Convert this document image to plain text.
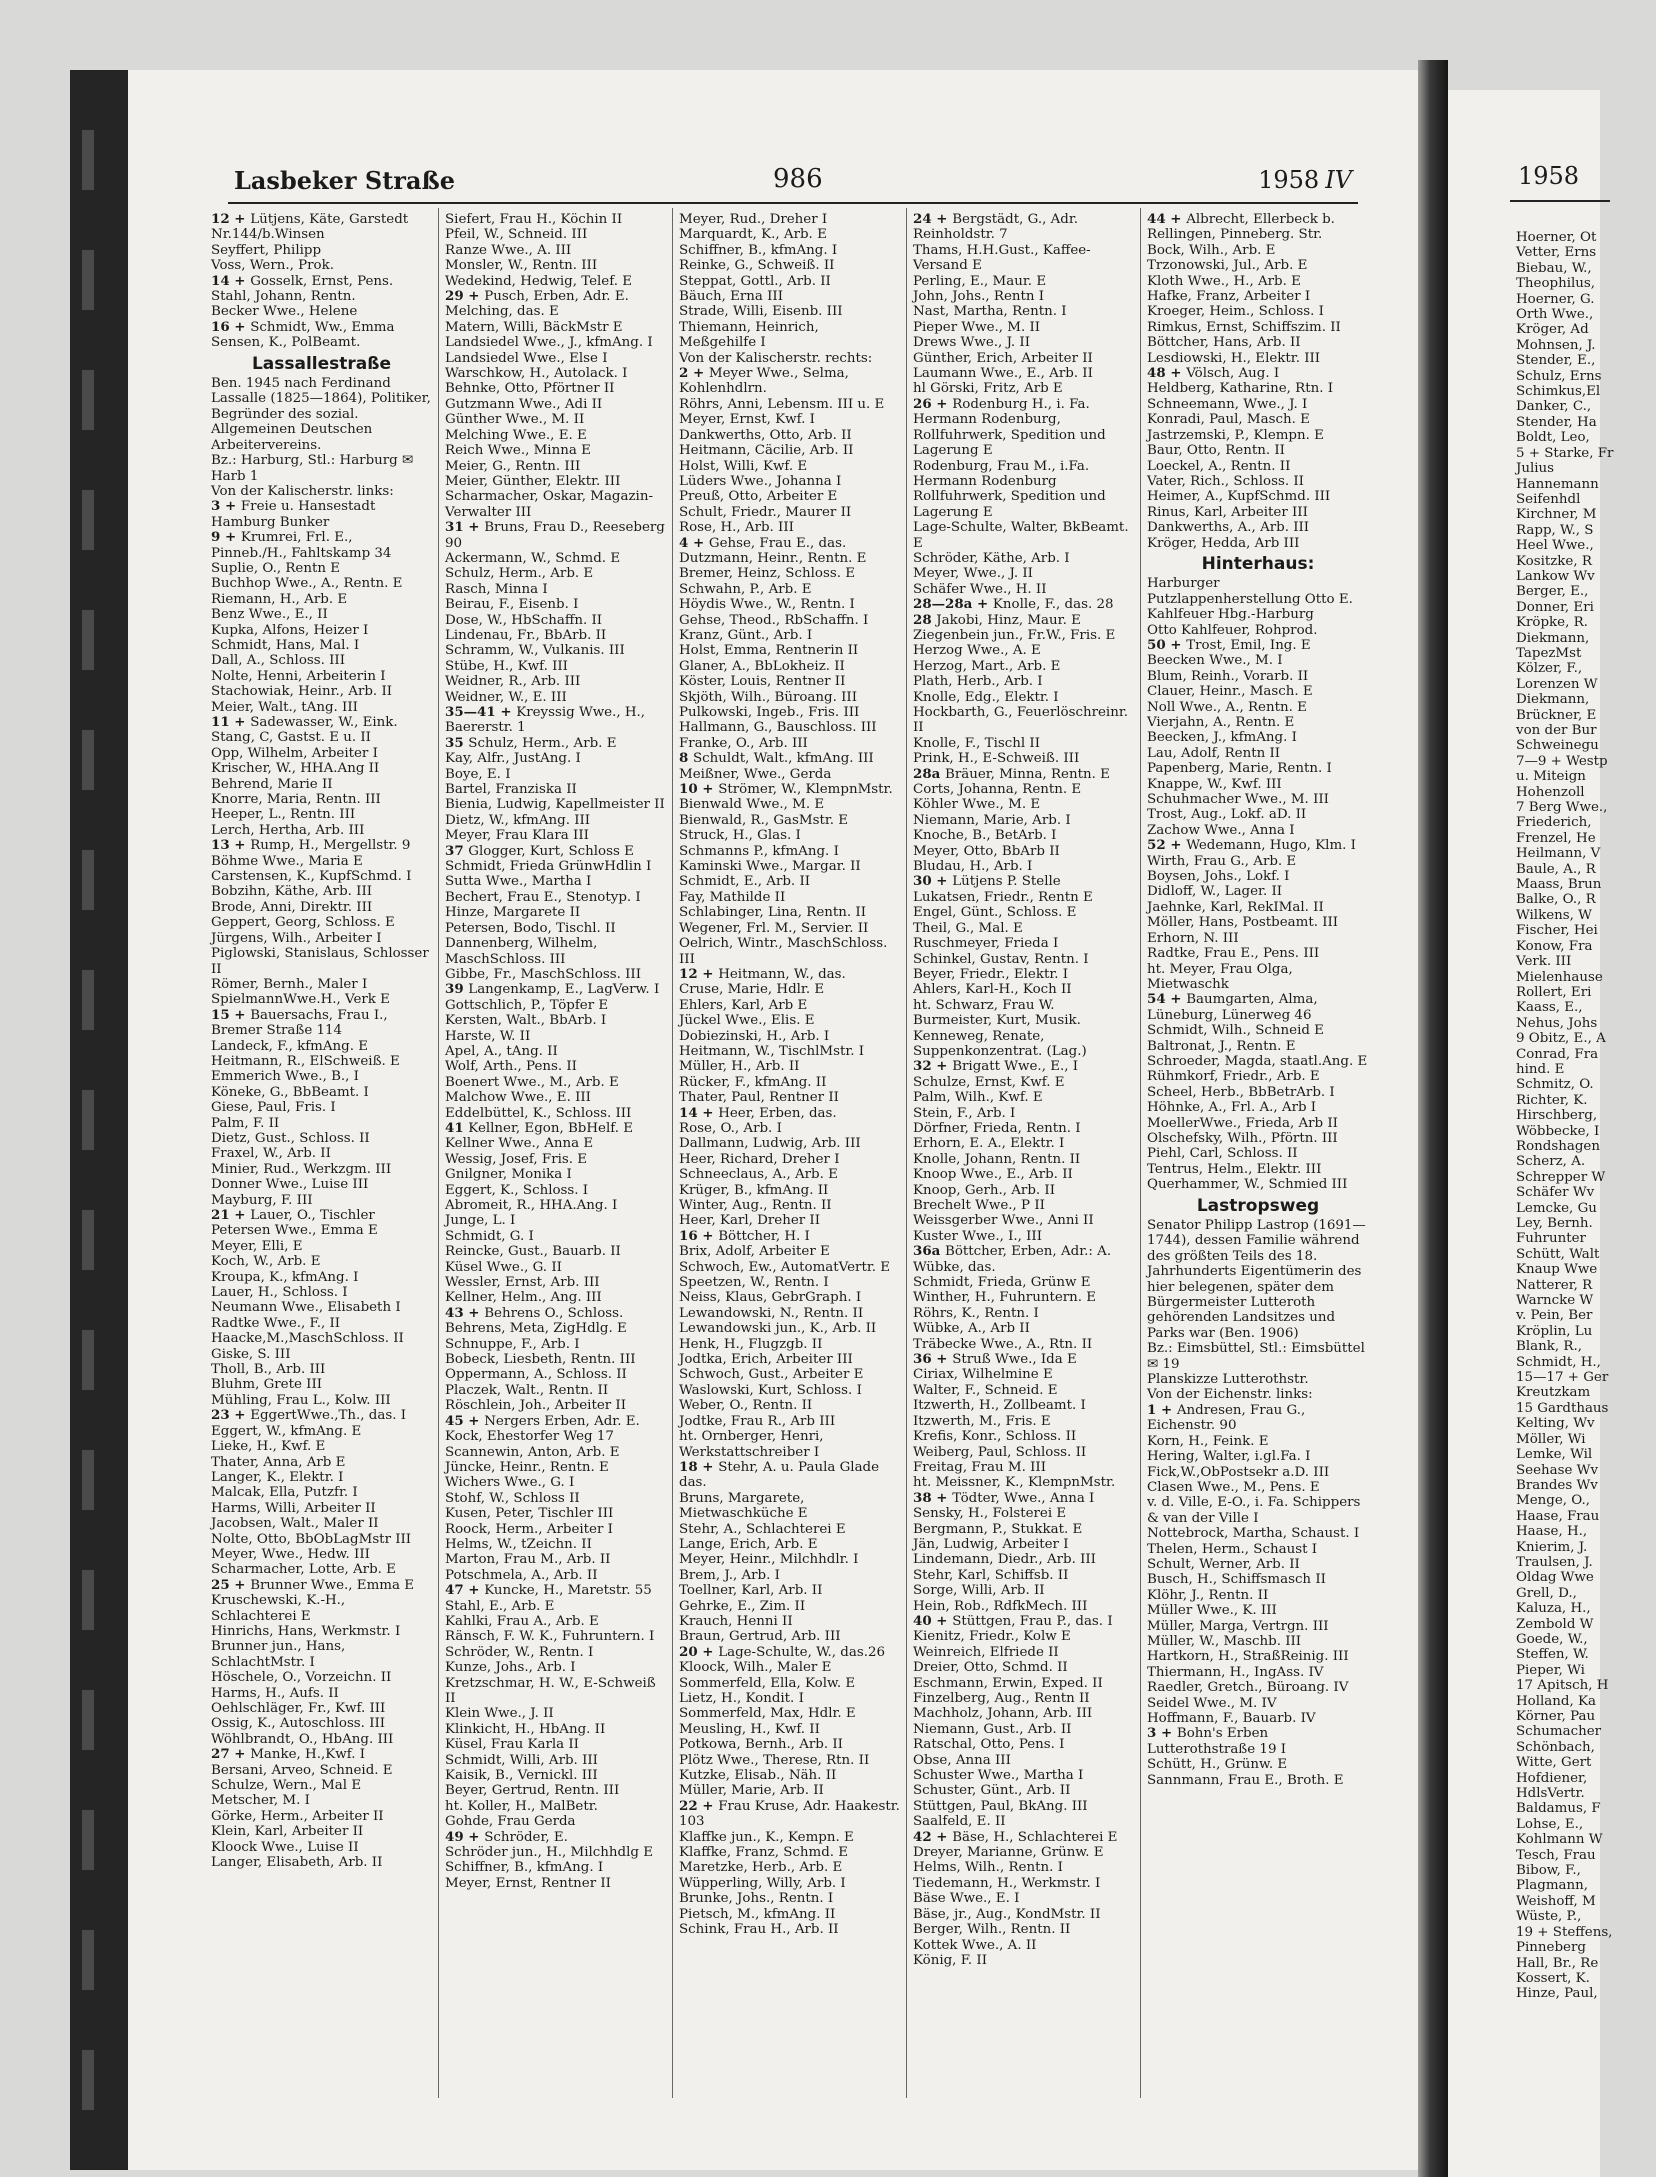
1958
Hoerner, Ot
Vetter, Erns
Biebau, W.,
Theophilus,
Hoerner, G.
Orth Wwe.,
Kröger, Ad
Mohnsen, J.
Stender, E.,
Schulz, Erns
Schimkus,El
Danker, C.,
Stender, Ha
Boldt, Leo,
5 + Starke, Fr
Julius
Hannemann
Seifenhdl
Kirchner, M
Rapp, W., S
Heel Wwe.,
Kositzke, R
Lankow Wv
Berger, E.,
Donner, Eri
Kröpke, R.
Diekmann,
TapezMst
Kölzer, F.,
Lorenzen W
Diekmann,
Brückner, E
von der Bur
Schweinegu
7—9 + Westp
u. Miteign
Hohenzoll
7 Berg Wwe.,
Friederich,
Frenzel, He
Heilmann, V
Baule, A., R
Maass, Brun
Balke, O., R
Wilkens, W
Fischer, Hei
Konow, Fra
Verk. III
Mielenhause
Rollert, Eri
Kaass, E.,
Nehus, Johs
9 Obitz, E., A
Conrad, Fra
hind. E
Schmitz, O.
Richter, K.
Hirschberg,
Wöbbecke, I
Rondshagen
Scherz, A.
Schrepper W
Schäfer Wv
Lemcke, Gu
Ley, Bernh.
Fuhrunter
Schütt, Walt
Knaup Wwe
Natterer, R
Warncke W
v. Pein, Ber
Kröplin, Lu
Blank, R.,
Schmidt, H.,
15—17 + Ger
Kreutzkam
15 Gardthaus
Kelting, Wv
Möller, Wi
Lemke, Wil
Seehase Wv
Brandes Wv
Menge, O.,
Haase, Frau
Haase, H.,
Knierim, J.
Traulsen, J.
Oldag Wwe
Grell, D.,
Kaluza, H.,
Zembold W
Goede, W.,
Steffen, W.
Pieper, Wi
17 Apitsch, H
Holland, Ka
Körner, Pau
Schumacher
Schönbach,
Witte, Gert
Hofdiener,
HdlsVertr.
Baldamus, F
Lohse, E.,
Kohlmann W
Tesch, Frau
Bibow, F.,
Plagmann,
Weishoff, M
Wüste, P.,
19 + Steffens,
Pinneberg
Hall, Br., Re
Kossert, K.
Hinze, Paul,
Lasbeker Straße	986	1958 IV
12 + Lütjens, Käte, Garstedt Nr.144/b.Winsen
Seyffert, Philipp
Voss, Wern., Prok.
14 + Gosselk, Ernst, Pens.
Stahl, Johann, Rentn.
Becker Wwe., Helene
16 + Schmidt, Ww., Emma
Sensen, K., PolBeamt.
Lassallestraße
Ben. 1945 nach Ferdinand Lassalle (1825—1864), Politiker, Begründer des sozial. Allgemeinen Deutschen Arbeitervereins.
Bz.: Harburg, Stl.: Harburg ✉ Harb 1
Von der Kalischerstr. links:
3 + Freie u. Hansestadt Hamburg Bunker
9 + Krumrei, Frl. E., Pinneb./H., Fahltskamp 34
Suplie, O., Rentn E
Buchhop Wwe., A., Rentn. E
Riemann, H., Arb. E
Benz Wwe., E., II
Kupka, Alfons, Heizer I
Schmidt, Hans, Mal. I
Dall, A., Schloss. III
Nolte, Henni, Arbeiterin I
Stachowiak, Heinr., Arb. II
Meier, Walt., tAng. III
11 + Sadewasser, W., Eink.
Stang, C, Gastst. E u. II
Opp, Wilhelm, Arbeiter I
Krischer, W., HHA.Ang II
Behrend, Marie II
Knorre, Maria, Rentn. III
Heeper, L., Rentn. III
Lerch, Hertha, Arb. III
13 + Rump, H., Mergellstr. 9
Böhme Wwe., Maria E
Carstensen, K., KupfSchmd. I
Bobzihn, Käthe, Arb. III
Brode, Anni, Direktr. III
Geppert, Georg, Schloss. E
Jürgens, Wilh., Arbeiter I
Piglowski, Stanislaus, Schlosser II
Römer, Bernh., Maler I
SpielmannWwe.H., Verk E
15 + Bauersachs, Frau I., Bremer Straße 114
Landeck, F., kfmAng. E
Heitmann, R., ElSchweiß. E
Emmerich Wwe., B., I
Köneke, G., BbBeamt. I
Giese, Paul, Fris. I
Palm, F. II
Dietz, Gust., Schloss. II
Fraxel, W., Arb. II
Minier, Rud., Werkzgm. III
Donner Wwe., Luise III
Mayburg, F. III
21 + Lauer, O., Tischler
Petersen Wwe., Emma E
Meyer, Elli, E
Koch, W., Arb. E
Kroupa, K., kfmAng. I
Lauer, H., Schloss. I
Neumann Wwe., Elisabeth I
Radtke Wwe., F., II
Haacke,M.,MaschSchloss. II
Giske, S. III
Tholl, B., Arb. III
Bluhm, Grete III
Mühling, Frau L., Kolw. III
23 + EggertWwe.,Th., das. I
Eggert, W., kfmAng. E
Lieke, H., Kwf. E
Thater, Anna, Arb E
Langer, K., Elektr. I
Malcak, Ella, Putzfr. I
Harms, Willi, Arbeiter II
Jacobsen, Walt., Maler II
Nolte, Otto, BbObLagMstr III
Meyer, Wwe., Hedw. III
Scharmacher, Lotte, Arb. E
25 + Brunner Wwe., Emma E
Kruschewski, K.-H., Schlachterei E
Hinrichs, Hans, Werkmstr. I
Brunner jun., Hans, SchlachtMstr. I
Höschele, O., Vorzeichn. II
Harms, H., Aufs. II
Oehlschläger, Fr., Kwf. III
Ossig, K., Autoschloss. III
Wöhlbrandt, O., HbAng. III
27 + Manke, H.,Kwf. I
Bersani, Arveo, Schneid. E
Schulze, Wern., Mal E
Metscher, M. I
Görke, Herm., Arbeiter II
Klein, Karl, Arbeiter II
Kloock Wwe., Luise II
Langer, Elisabeth, Arb. II
Siefert, Frau H., Köchin II
Pfeil, W., Schneid. III
Ranze Wwe., A. III
Monsler, W., Rentn. III
Wedekind, Hedwig, Telef. E
29 + Pusch, Erben, Adr. E. Melching, das. E
Matern, Willi, BäckMstr E
Landsiedel Wwe., J., kfmAng. I
Landsiedel Wwe., Else I
Warschkow, H., Autolack. I
Behnke, Otto, Pförtner II
Gutzmann Wwe., Adi II
Günther Wwe., M. II
Melching Wwe., E. E
Reich Wwe., Minna E
Meier, G., Rentn. III
Meier, Günther, Elektr. III
Scharmacher, Oskar, Magazin-Verwalter III
31 + Bruns, Frau D., Reeseberg 90
Ackermann, W., Schmd. E
Schulz, Herm., Arb. E
Rasch, Minna I
Beirau, F., Eisenb. I
Dose, W., HbSchaffn. II
Lindenau, Fr., BbArb. II
Schramm, W., Vulkanis. III
Stübe, H., Kwf. III
Weidner, R., Arb. III
Weidner, W., E. III
35—41 + Kreyssig Wwe., H., Baererstr. 1
35 Schulz, Herm., Arb. E
Kay, Alfr., JustAng. I
Boye, E. I
Bartel, Franziska II
Bienia, Ludwig, Kapellmeister II
Dietz, W., kfmAng. III
Meyer, Frau Klara III
37 Glogger, Kurt, Schloss E
Schmidt, Frieda GrünwHdlin I
Sutta Wwe., Martha I
Bechert, Frau E., Stenotyp. I
Hinze, Margarete II
Petersen, Bodo, Tischl. II
Dannenberg, Wilhelm, MaschSchloss. III
Gibbe, Fr., MaschSchloss. III
39 Langenkamp, E., LagVerw. I
Gottschlich, P., Töpfer E
Kersten, Walt., BbArb. I
Harste, W. II
Apel, A., tAng. II
Wolf, Arth., Pens. II
Boenert Wwe., M., Arb. E
Malchow Wwe., E. III
Eddelbüttel, K., Schloss. III
41 Kellner, Egon, BbHelf. E
Kellner Wwe., Anna E
Wessig, Josef, Fris. E
Gnilgner, Monika I
Eggert, K., Schloss. I
Abromeit, R., HHA.Ang. I
Junge, L. I
Schmidt, G. I
Reincke, Gust., Bauarb. II
Küsel Wwe., G. II
Wessler, Ernst, Arb. III
Kellner, Helm., Ang. III
43 + Behrens O., Schloss.
Behrens, Meta, ZigHdlg. E
Schnuppe, F., Arb. I
Bobeck, Liesbeth, Rentn. III
Oppermann, A., Schloss. II
Placzek, Walt., Rentn. II
Röschlein, Joh., Arbeiter II
45 + Nergers Erben, Adr. E. Kock, Ehestorfer Weg 17
Scannewin, Anton, Arb. E
Jüncke, Heinr., Rentn. E
Wichers Wwe., G. I
Stohf, W., Schloss II
Kusen, Peter, Tischler III
Roock, Herm., Arbeiter I
Helms, W., tZeichn. II
Marton, Frau M., Arb. II
Potschmela, A., Arb. II
47 + Kuncke, H., Maretstr. 55
Stahl, E., Arb. E
Kahlki, Frau A., Arb. E
Ränsch, F. W. K., Fuhruntern. I
Schröder, W., Rentn. I
Kunze, Johs., Arb. I
Kretzschmar, H. W., E-Schweiß II
Klein Wwe., J. II
Klinkicht, H., HbAng. II
Küsel, Frau Karla II
Schmidt, Willi, Arb. III
Kaisik, B., Vernickl. III
Beyer, Gertrud, Rentn. III
ht. Koller, H., MalBetr.
Gohde, Frau Gerda
49 + Schröder, E.
Schröder jun., H., Milchhdlg E
Schiffner, B., kfmAng. I
Meyer, Ernst, Rentner II
Meyer, Rud., Dreher I
Marquardt, K., Arb. E
Schiffner, B., kfmAng. I
Reinke, G., Schweiß. II
Steppat, Gottl., Arb. II
Bäuch, Erna III
Strade, Willi, Eisenb. III
Thiemann, Heinrich, Meßgehilfe I
Von der Kalischerstr. rechts:
2 + Meyer Wwe., Selma, Kohlenhdlrn.
Röhrs, Anni, Lebensm. III u. E
Meyer, Ernst, Kwf. I
Dankwerths, Otto, Arb. II
Heitmann, Cäcilie, Arb. II
Holst, Willi, Kwf. E
Lüders Wwe., Johanna I
Preuß, Otto, Arbeiter E
Schult, Friedr., Maurer II
Rose, H., Arb. III
4 + Gehse, Frau E., das.
Dutzmann, Heinr., Rentn. E
Bremer, Heinz, Schloss. E
Schwahn, P., Arb. E
Höydis Wwe., W., Rentn. I
Gehse, Theod., RbSchaffn. I
Kranz, Günt., Arb. I
Holst, Emma, Rentnerin II
Glaner, A., BbLokheiz. II
Köster, Louis, Rentner II
Skjöth, Wilh., Büroang. III
Pulkowski, Ingeb., Fris. III
Hallmann, G., Bauschloss. III
Franke, O., Arb. III
8 Schuldt, Walt., kfmAng. III
Meißner, Wwe., Gerda
10 + Strömer, W., KlempnMstr.
Bienwald Wwe., M. E
Bienwald, R., GasMstr. E
Struck, H., Glas. I
Schmanns P., kfmAng. I
Kaminski Wwe., Margar. II
Schmidt, E., Arb. II
Fay, Mathilde II
Schlabinger, Lina, Rentn. II
Wegener, Frl. M., Servier. II
Oelrich, Wintr., MaschSchloss. III
12 + Heitmann, W., das.
Cruse, Marie, Hdlr. E
Ehlers, Karl, Arb E
Jückel Wwe., Elis. E
Dobiezinski, H., Arb. I
Heitmann, W., TischlMstr. I
Müller, H., Arb. II
Rücker, F., kfmAng. II
Thater, Paul, Rentner II
14 + Heer, Erben, das.
Rose, O., Arb. I
Dallmann, Ludwig, Arb. III
Heer, Richard, Dreher I
Schneeclaus, A., Arb. E
Krüger, B., kfmAng. II
Winter, Aug., Rentn. II
Heer, Karl, Dreher II
16 + Böttcher, H. I
Brix, Adolf, Arbeiter E
Schwoch, Ew., AutomatVertr. E
Speetzen, W., Rentn. I
Neiss, Klaus, GebrGraph. I
Lewandowski, N., Rentn. II
Lewandowski jun., K., Arb. II
Henk, H., Flugzgb. II
Jodtka, Erich, Arbeiter III
Schwoch, Gust., Arbeiter E
Waslowski, Kurt, Schloss. I
Weber, O., Rentn. II
Jodtke, Frau R., Arb III
ht. Ornberger, Henri, Werkstattschreiber I
18 + Stehr, A. u. Paula Glade das.
Bruns, Margarete, Mietwaschküche E
Stehr, A., Schlachterei E
Lange, Erich, Arb. E
Meyer, Heinr., Milchhdlr. I
Brem, J., Arb. I
Toellner, Karl, Arb. II
Gehrke, E., Zim. II
Krauch, Henni II
Braun, Gertrud, Arb. III
20 + Lage-Schulte, W., das.26
Kloock, Wilh., Maler E
Sommerfeld, Ella, Kolw. E
Lietz, H., Kondit. I
Sommerfeld, Max, Hdlr. E
Meusling, H., Kwf. II
Potkowa, Bernh., Arb. II
Plötz Wwe., Therese, Rtn. II
Kutzke, Elisab., Näh. II
Müller, Marie, Arb. II
22 + Frau Kruse, Adr. Haakestr. 103
Klaffke jun., K., Kempn. E
Klaffke, Franz, Schmd. E
Maretzke, Herb., Arb. E
Wüpperling, Willy, Arb. I
Brunke, Johs., Rentn. I
Pietsch, M., kfmAng. II
Schink, Frau H., Arb. II
24 + Bergstädt, G., Adr. Reinholdstr. 7
Thams, H.H.Gust., Kaffee-Versand E
Perling, E., Maur. E
John, Johs., Rentn I
Nast, Martha, Rentn. I
Pieper Wwe., M. II
Drews Wwe., J. II
Günther, Erich, Arbeiter II
Laumann Wwe., E., Arb. II
hl Görski, Fritz, Arb E
26 + Rodenburg H., i. Fa. Hermann Rodenburg, Rollfuhrwerk, Spedition und Lagerung E
Rodenburg, Frau M., i.Fa. Hermann Rodenburg Rollfuhrwerk, Spedition und Lagerung E
Lage-Schulte, Walter, BkBeamt. E
Schröder, Käthe, Arb. I
Meyer, Wwe., J. II
Schäfer Wwe., H. II
28—28a + Knolle, F., das. 28
28 Jakobi, Hinz, Maur. E
Ziegenbein jun., Fr.W., Fris. E
Herzog Wwe., A. E
Herzog, Mart., Arb. E
Plath, Herb., Arb. I
Knolle, Edg., Elektr. I
Hockbarth, G., Feuerlöschreinr. II
Knolle, F., Tischl II
Prink, H., E-Schweiß. III
28a Bräuer, Minna, Rentn. E
Corts, Johanna, Rentn. E
Köhler Wwe., M. E
Niemann, Marie, Arb. I
Knoche, B., BetArb. I
Meyer, Otto, BbArb II
Bludau, H., Arb. I
30 + Lütjens P. Stelle
Lukatsen, Friedr., Rentn E
Engel, Günt., Schloss. E
Theil, G., Mal. E
Ruschmeyer, Frieda I
Schinkel, Gustav, Rentn. I
Beyer, Friedr., Elektr. I
Ahlers, Karl-H., Koch II
ht. Schwarz, Frau W.
Burmeister, Kurt, Musik.
Kenneweg, Renate, Suppenkonzentrat. (Lag.)
32 + Brigatt Wwe., E., I
Schulze, Ernst, Kwf. E
Palm, Wilh., Kwf. E
Stein, F., Arb. I
Dörfner, Frieda, Rentn. I
Erhorn, E. A., Elektr. I
Knolle, Johann, Rentn. II
Knoop Wwe., E., Arb. II
Knoop, Gerh., Arb. II
Brechelt Wwe., P II
Weissgerber Wwe., Anni II
Kuster Wwe., I., III
36a Böttcher, Erben, Adr.: A. Wübke, das.
Schmidt, Frieda, Grünw E
Winther, H., Fuhruntern. E
Röhrs, K., Rentn. I
Wübke, A., Arb II
Träbecke Wwe., A., Rtn. II
36 + Struß Wwe., Ida E
Ciriax, Wilhelmine E
Walter, F., Schneid. E
Itzwerth, H., Zollbeamt. I
Itzwerth, M., Fris. E
Krefis, Konr., Schloss. II
Weiberg, Paul, Schloss. II
Freitag, Frau M. III
ht. Meissner, K., KlempnMstr.
38 + Tödter, Wwe., Anna I
Sensky, H., Folsterei E
Bergmann, P., Stukkat. E
Jän, Ludwig, Arbeiter I
Lindemann, Diedr., Arb. III
Stehr, Karl, Schiffsb. II
Sorge, Willi, Arb. II
Hein, Rob., RdfkMech. III
40 + Stüttgen, Frau P., das. I
Kienitz, Friedr., Kolw E
Weinreich, Elfriede II
Dreier, Otto, Schmd. II
Eschmann, Erwin, Exped. II
Finzelberg, Aug., Rentn II
Machholz, Johann, Arb. III
Niemann, Gust., Arb. II
Ratschal, Otto, Pens. I
Obse, Anna III
Schuster Wwe., Martha I
Schuster, Günt., Arb. II
Stüttgen, Paul, BkAng. III
Saalfeld, E. II
42 + Bäse, H., Schlachterei E
Dreyer, Marianne, Grünw. E
Helms, Wilh., Rentn. I
Tiedemann, H., Werkmstr. I
Bäse Wwe., E. I
Bäse, jr., Aug., KondMstr. II
Berger, Wilh., Rentn. II
Kottek Wwe., A. II
König, F. II
44 + Albrecht, Ellerbeck b. Rellingen, Pinneberg. Str.
Bock, Wilh., Arb. E
Trzonowski, Jul., Arb. E
Kloth Wwe., H., Arb. E
Hafke, Franz, Arbeiter I
Kroeger, Heim., Schloss. I
Rimkus, Ernst, Schiffszim. II
Böttcher, Hans, Arb. II
Lesdiowski, H., Elektr. III
48 + Völsch, Aug. I
Heldberg, Katharine, Rtn. I
Schneemann, Wwe., J. I
Konradi, Paul, Masch. E
Jastrzemski, P., Klempn. E
Baur, Otto, Rentn. II
Loeckel, A., Rentn. II
Vater, Rich., Schloss. II
Heimer, A., KupfSchmd. III
Rinus, Karl, Arbeiter III
Dankwerths, A., Arb. III
Kröger, Hedda, Arb III
Hinterhaus:
Harburger Putzlappenherstellung Otto E. Kahlfeuer Hbg.-Harburg
Otto Kahlfeuer, Rohprod.
50 + Trost, Emil, Ing. E
Beecken Wwe., M. I
Blum, Reinh., Vorarb. II
Clauer, Heinr., Masch. E
Noll Wwe., A., Rentn. E
Vierjahn, A., Rentn. E
Beecken, J., kfmAng. I
Lau, Adolf, Rentn II
Papenberg, Marie, Rentn. I
Knappe, W., Kwf. III
Schuhmacher Wwe., M. III
Trost, Aug., Lokf. aD. II
Zachow Wwe., Anna I
52 + Wedemann, Hugo, Klm. I
Wirth, Frau G., Arb. E
Boysen, Johs., Lokf. I
Didloff, W., Lager. II
Jaehnke, Karl, RekIMal. II
Möller, Hans, Postbeamt. III
Erhorn, N. III
Radtke, Frau E., Pens. III
ht. Meyer, Frau Olga, Mietwaschk
54 + Baumgarten, Alma, Lüneburg, Lünerweg 46
Schmidt, Wilh., Schneid E
Baltronat, J., Rentn. E
Schroeder, Magda, staatl.Ang. E
Rühmkorf, Friedr., Arb. E
Scheel, Herb., BbBetrArb. I
Höhnke, A., Frl. A., Arb I
MoellerWwe., Frieda, Arb II
Olschefsky, Wilh., Pförtn. III
Piehl, Carl, Schloss. II
Tentrus, Helm., Elektr. III
Querhammer, W., Schmied III
Lastropsweg
Senator Philipp Lastrop (1691—1744), dessen Familie während des größten Teils des 18. Jahrhunderts Eigentümerin des hier belegenen, später dem Bürgermeister Lutteroth gehörenden Landsitzes und Parks war (Ben. 1906)
Bz.: Eimsbüttel, Stl.: Eimsbüttel ✉ 19
Planskizze Lutterothstr.
Von der Eichenstr. links:
1 + Andresen, Frau G., Eichenstr. 90
Korn, H., Feink. E
Hering, Walter, i.gl.Fa. I
Fick,W.,ObPostsekr a.D. III
Clasen Wwe., M., Pens. E
v. d. Ville, E-O., i. Fa. Schippers & van der Ville I
Nottebrock, Martha, Schaust. I
Thelen, Herm., Schaust I
Schult, Werner, Arb. II
Busch, H., Schiffsmasch II
Klöhr, J., Rentn. II
Müller Wwe., K. III
Müller, Marga, Vertrgn. III
Müller, W., Maschb. III
Hartkorn, H., StraßReinig. III
Thiermann, H., IngAss. IV
Raedler, Gretch., Büroang. IV
Seidel Wwe., M. IV
Hoffmann, F., Bauarb. IV
3 + Bohn's Erben Lutterothstraße 19 I
Schütt, H., Grünw. E
Sannmann, Frau E., Broth. E
